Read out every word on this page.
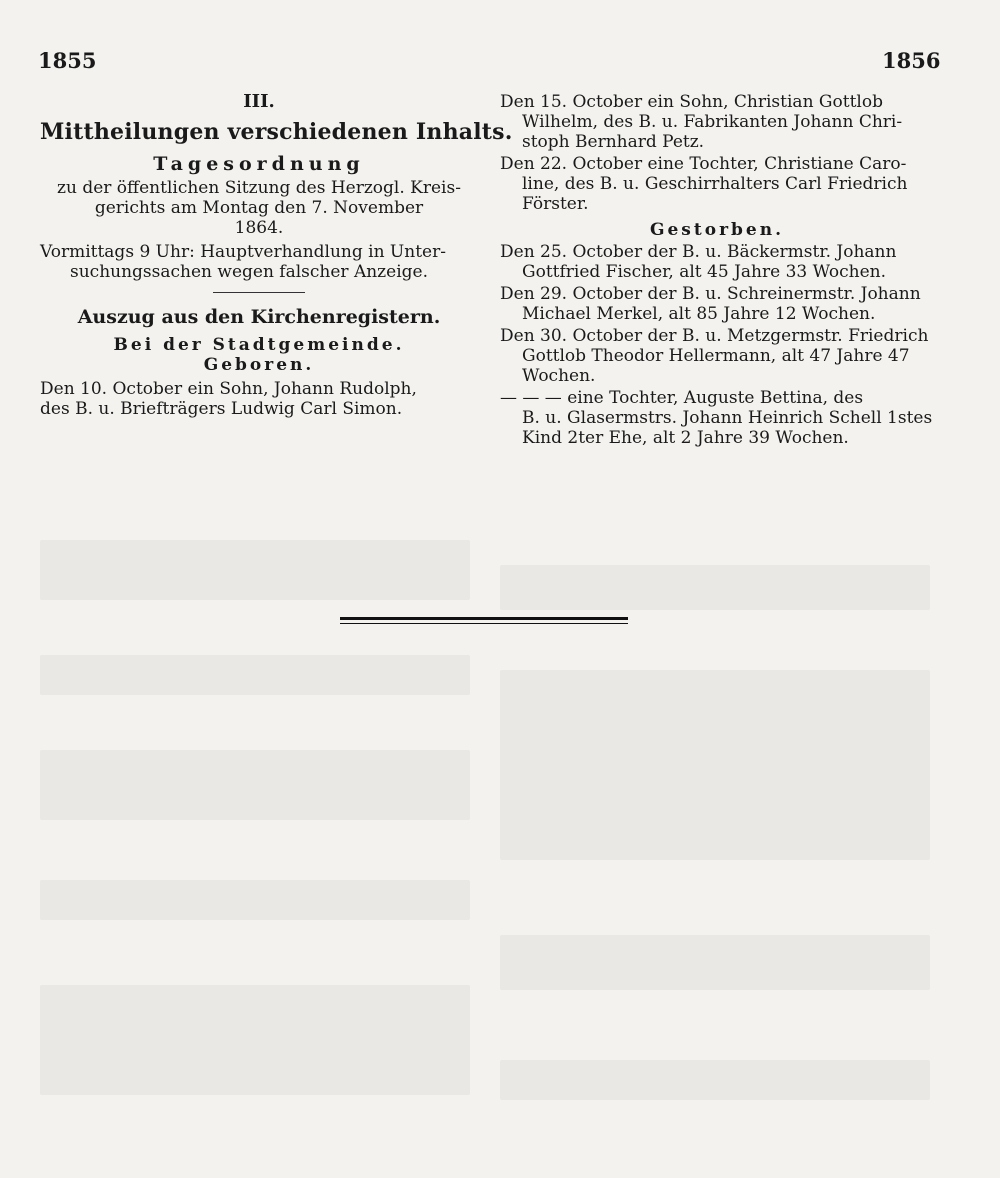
1855	1856
III.
Mittheilungen verschiedenen Inhalts.
Tagesordnung
zu der öffentlichen Sitzung des Herzogl. Kreis-
gerichts am Montag den 7. November
1864.
Vormittags 9 Uhr: Hauptverhandlung in Unter-
suchungssachen wegen falscher Anzeige.
Auszug aus den Kirchenregistern.
Bei der Stadtgemeinde.
Geboren.
Den 10. October ein Sohn, Johann Rudolph,
des B. u. Briefträgers Ludwig Carl Simon.
Den 15. October ein Sohn, Christian Gottlob
Wilhelm, des B. u. Fabrikanten Johann Chri-
stoph Bernhard Petz.
Den 22. October eine Tochter, Christiane Caro-
line, des B. u. Geschirrhalters Carl Friedrich
Förster.
Gestorben.
Den 25. October der B. u. Bäckermstr. Johann
Gottfried Fischer, alt 45 Jahre 33 Wochen.
Den 29. October der B. u. Schreinermstr. Johann
Michael Merkel, alt 85 Jahre 12 Wochen.
Den 30. October der B. u. Metzgermstr. Friedrich
Gottlob Theodor Hellermann, alt 47 Jahre 47
Wochen.
— — — eine Tochter, Auguste Bettina, des
B. u. Glasermstrs. Johann Heinrich Schell 1stes
Kind 2ter Ehe, alt 2 Jahre 39 Wochen.
